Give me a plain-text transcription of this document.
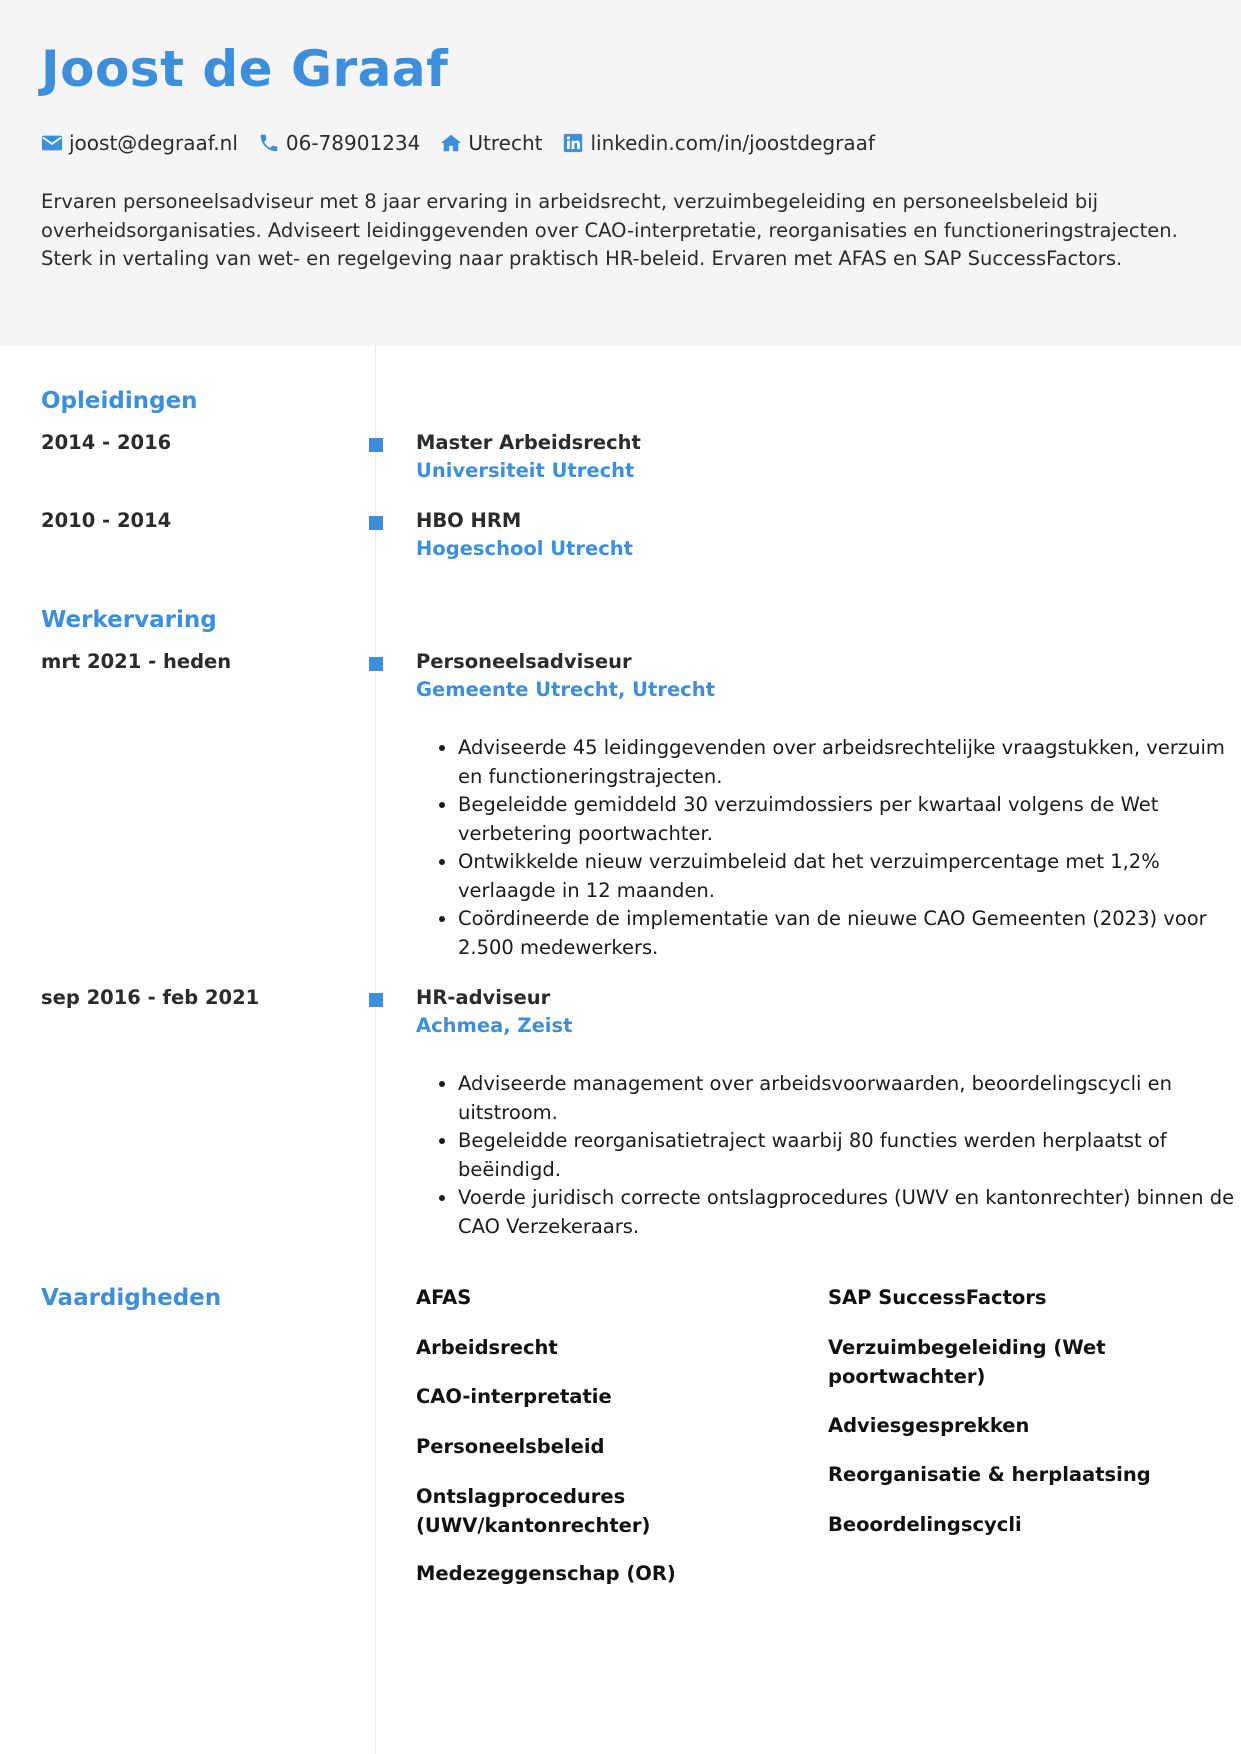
Joost de Graaf
joost@degraaf.nl 06-78901234 Utrecht linkedin.com/in/joostdegraaf

Ervaren personeelsadviseur met 8 jaar ervaring in arbeidsrecht, verzuimbegeleiding en personeelsbeleid bij overheidsorganisaties. Adviseert leidinggevenden over CAO-interpretatie, reorganisaties en functioneringstrajecten. Sterk in vertaling van wet- en regelgeving naar praktisch HR-beleid. Ervaren met AFAS en SAP SuccessFactors.

Opleidingen
2014 - 2016	Master Arbeidsrecht
Universiteit Utrecht
2010 - 2014	HBO HRM
Hogeschool Utrecht
Werkervaring
mrt 2021 - heden	Personeelsadviseur
Gemeente Utrecht, Utrecht
• Adviseerde 45 leidinggevenden over arbeidsrechtelijke vraagstukken, verzuim en functioneringstrajecten.
• Begeleidde gemiddeld 30 verzuimdossiers per kwartaal volgens de Wet verbetering poortwachter.
• Ontwikkelde nieuw verzuimbeleid dat het verzuimpercentage met 1,2% verlaagde in 12 maanden.
• Coördineerde de implementatie van de nieuwe CAO Gemeenten (2023) voor 2.500 medewerkers.
sep 2016 - feb 2021	HR-adviseur
Achmea, Zeist
• Adviseerde management over arbeidsvoorwaarden, beoordelingscycli en uitstroom.
• Begeleidde reorganisatietraject waarbij 80 functies werden herplaatst of beëindigd.
• Voerde juridisch correcte ontslagprocedures (UWV en kantonrechter) binnen de CAO Verzekeraars.
Vaardigheden	AFAS
Arbeidsrecht
CAO-interpretatie
Personeelsbeleid
Ontslagprocedures (UWV/kantonrechter)
Medezeggenschap (OR)
SAP SuccessFactors
Verzuimbegeleiding (Wet poortwachter)
Adviesgesprekken
Reorganisatie & herplaatsing
Beoordelingscycli
